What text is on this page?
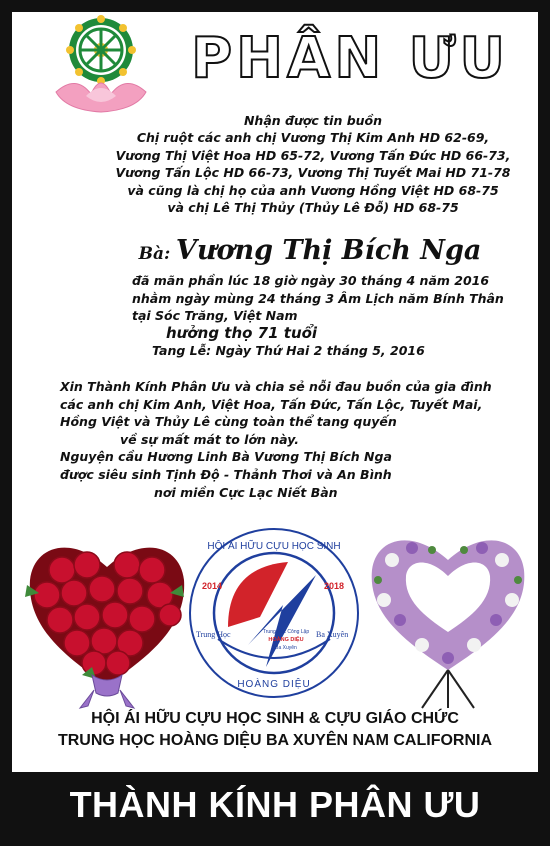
PHÂN ƯU
Nhận được tin buồn
Chị ruột các anh chị Vương Thị Kim Anh HD 62-69,
Vương Thị Việt Hoa HD 65-72, Vương Tấn Đức HD 66-73,
Vương Tấn Lộc HD 66-73, Vương Thị Tuyết Mai HD 71-78
và cũng là chị họ của anh Vương Hồng Việt HD 68-75
và chị Lê Thị Thủy (Thủy Lê Đỗ) HD 68-75
Bà: Vương Thị Bích Nga
đã mãn phần lúc 18 giờ ngày 30 tháng 4 năm 2016
nhằm ngày mùng 24 tháng 3 Âm Lịch năm Bính Thân
tại Sóc Trăng, Việt Nam
hưởng thọ 71 tuổi
Tang Lễ: Ngày Thứ Hai 2 tháng 5, 2016
Xin Thành Kính Phân Ưu và chia sẻ nỗi đau buồn của gia đình
các anh chị Kim Anh, Việt Hoa, Tấn Đức, Tấn Lộc, Tuyết Mai,
Hồng Việt và Thủy Lê cùng toàn thể tang quyến
về sự mất mát to lớn này.
Nguyện cầu Hương Linh Bà Vương Thị Bích Nga
được siêu sinh Tịnh Độ - Thảnh Thơi và An Bình
nơi miền Cực Lạc Niết Bàn
HỘI ÁI HỮU CỰU HỌC SINH
2014	2018
Trung Học	Ba Xuyên
Trung Học Công Lập
HOÀNG DIỆU
Ba Xuyên
HOÀNG DIỆU
HỘI ÁI HỮU CỰU HỌC SINH & CỰU GIÁO CHỨC
TRUNG HỌC HOÀNG DIỆU BA XUYÊN NAM CALIFORNIA
THÀNH KÍNH PHÂN ƯU
